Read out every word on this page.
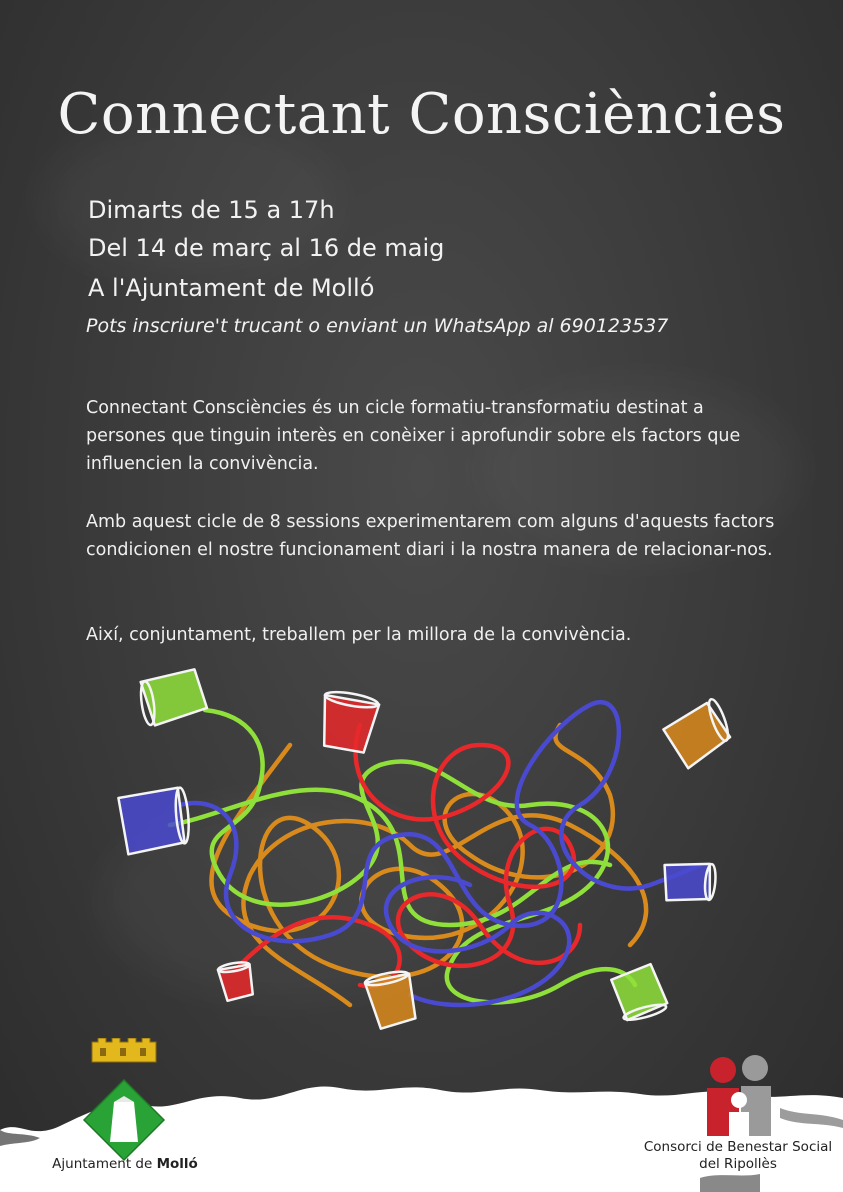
Connectant Consciències
Dimarts de 15 a 17h
Del 14 de març al 16 de maig
A l'Ajuntament de Molló
Pots inscriure't trucant o enviant un WhatsApp al 690123537

Connectant Consciències és un cicle formatiu-transformatiu destinat a persones que tinguin interès en conèixer i aprofundir sobre els factors que influencien la convivència.

Amb aquest cicle de 8 sessions experimentarem com alguns d'aquests factors condicionen el nostre funcionament diari i la nostra manera de relacionar-nos.

Així, conjuntament, treballem per la millora de la convivència.

Ajuntament de Molló
Consorci de Benestar Social
del Ripollès
